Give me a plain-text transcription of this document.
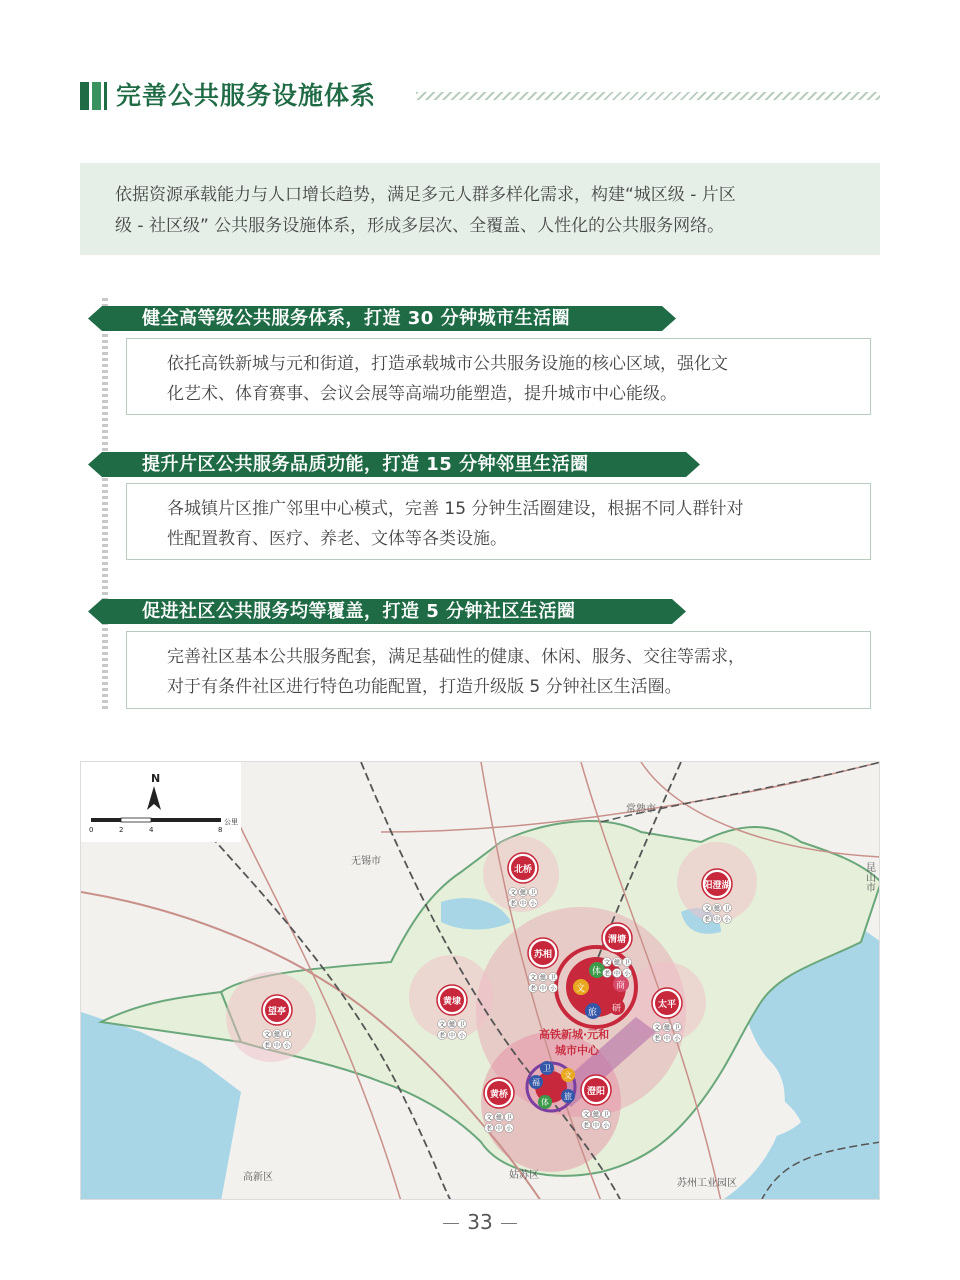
完善公共服务设施体系

依据资源承载能力与人口增长趋势，满足多元人群多样化需求，构建“城区级 - 片区

级 - 社区级” 公共服务设施体系，形成多层次、全覆盖、人性化的公共服务网络。

健全高等级公共服务体系，打造 30 分钟城市生活圈

依托高铁新城与元和街道，打造承载城市公共服务设施的核心区域，强化文

化艺术、体育赛事、会议会展等高端功能塑造，提升城市中心能级。

提升片区公共服务品质功能，打造 15 分钟邻里生活圈

各城镇片区推广邻里中心模式，完善 15 分钟生活圈建设，根据不同人群针对

性配置教育、医疗、养老、文体等各类设施。

促进社区公共服务均等覆盖，打造 5 分钟社区生活圈

完善社区基本公共服务配套，满足基础性的健康、休闲、服务、交往等需求，

对于有条件社区进行特色功能配置，打造升级版 5 分钟社区生活圈。

N
0	2	4	8
公里
常熟市
无锡市
昆山市
高新区	姑苏区
苏州工业园区
高铁新城·元和
城市中心
体
文	商
研
旅
卫
福
文
体
旅
北桥
文 健 卫
老 中 小
阳澄湖
文 健 卫
老 中 小
渭塘
文 健 卫
老 中 小
苏相
文 健 卫
老 中 小
黄埭
文 健 卫
老 中 小
望亭
文 健 卫
老 中 小
太平
文 健 卫
老 中 小
黄桥
文 健 卫
老 中 小
澄阳
文 健 卫
老 中 小
33
